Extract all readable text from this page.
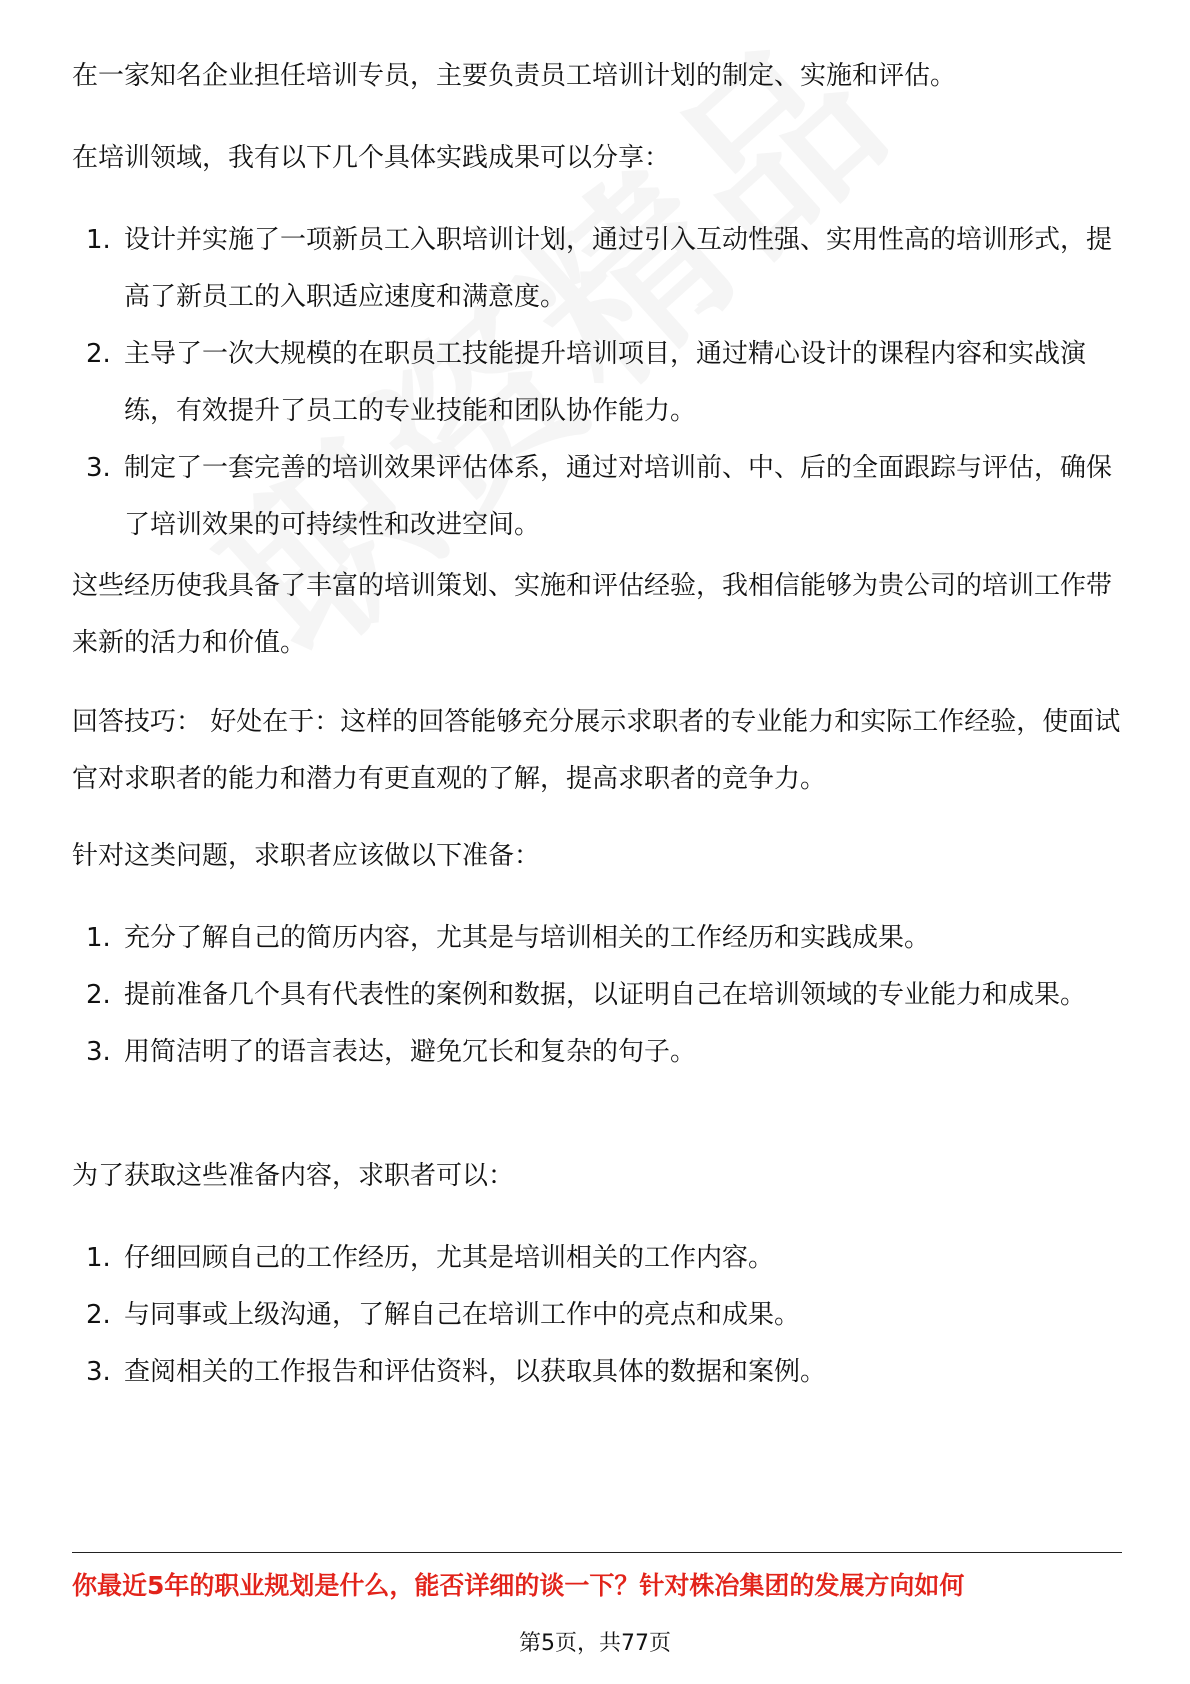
在一家知名企业担任培训专员，主要负责员工培训计划的制定、实施和评估。

在培训领域，我有以下几个具体实践成果可以分享：

1. 设计并实施了一项新员工入职培训计划，通过引入互动性强、实用性高的培训形式，提高了新员工的入职适应速度和满意度。
2. 主导了一次大规模的在职员工技能提升培训项目，通过精心设计的课程内容和实战演练，有效提升了员工的专业技能和团队协作能力。
3. 制定了一套完善的培训效果评估体系，通过对培训前、中、后的全面跟踪与评估，确保了培训效果的可持续性和改进空间。

这些经历使我具备了丰富的培训策划、实施和评估经验，我相信能够为贵公司的培训工作带来新的活力和价值。

回答技巧： 好处在于：这样的回答能够充分展示求职者的专业能力和实际工作经验，使面试官对求职者的能力和潜力有更直观的了解，提高求职者的竞争力。

针对这类问题，求职者应该做以下准备：

1. 充分了解自己的简历内容，尤其是与培训相关的工作经历和实践成果。
2. 提前准备几个具有代表性的案例和数据，以证明自己在培训领域的专业能力和成果。
3. 用简洁明了的语言表达，避免冗长和复杂的句子。

为了获取这些准备内容，求职者可以：

1. 仔细回顾自己的工作经历，尤其是培训相关的工作内容。
2. 与同事或上级沟通，了解自己在培训工作中的亮点和成果。
3. 查阅相关的工作报告和评估资料，以获取具体的数据和案例。
你最近5年的职业规划是什么，能否详细的谈一下？针对株冶集团的发展方向如何
第5页，共77页
